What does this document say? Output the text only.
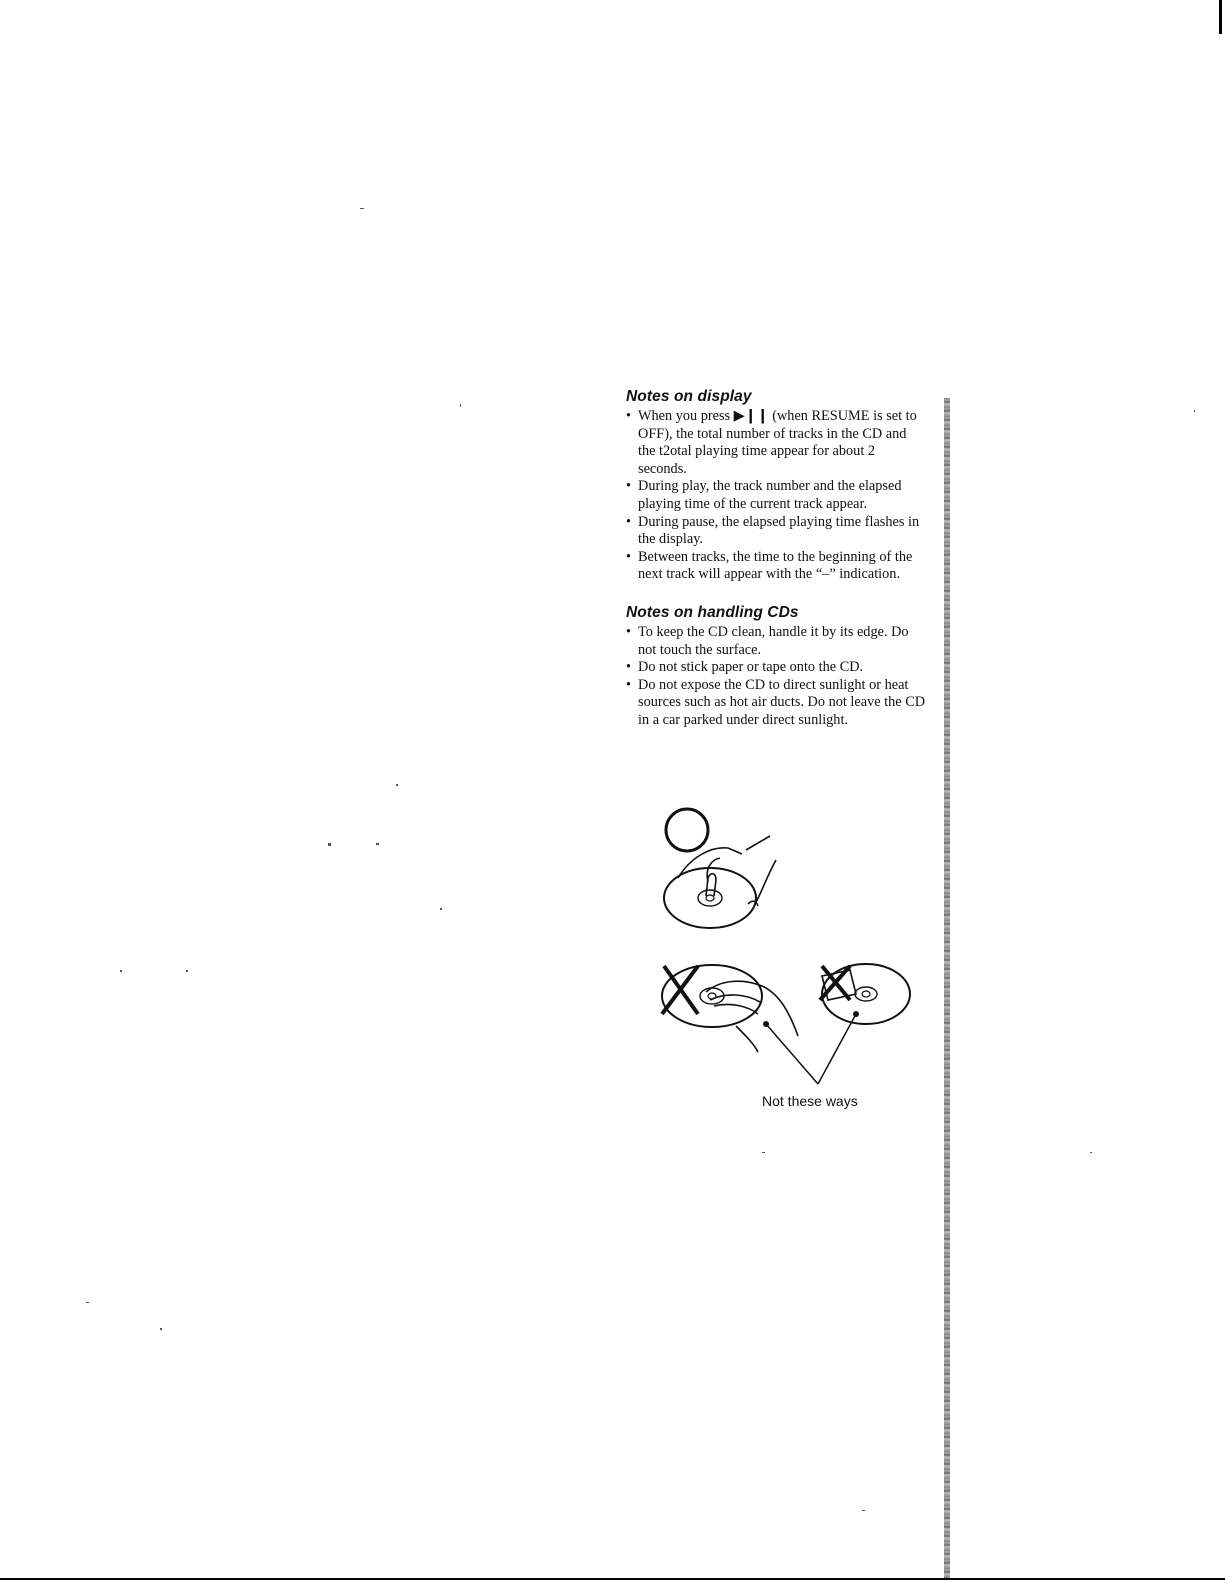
Notes on display
• When you press ▶❙❙ (when RESUME is set to OFF), the total number of tracks in the CD and the t2otal playing time appear for about 2 seconds.
• During play, the track number and the elapsed playing time of the current track appear.
• During pause, the elapsed playing time flashes in the display.
• Between tracks, the time to the beginning of the next track will appear with the “–” indication.
Notes on handling CDs
• To keep the CD clean, handle it by its edge. Do not touch the surface.
• Do not stick paper or tape onto the CD.
• Do not expose the CD to direct sunlight or heat sources such as hot air ducts. Do not leave the CD in a car parked under direct sunlight.
Not these ways
